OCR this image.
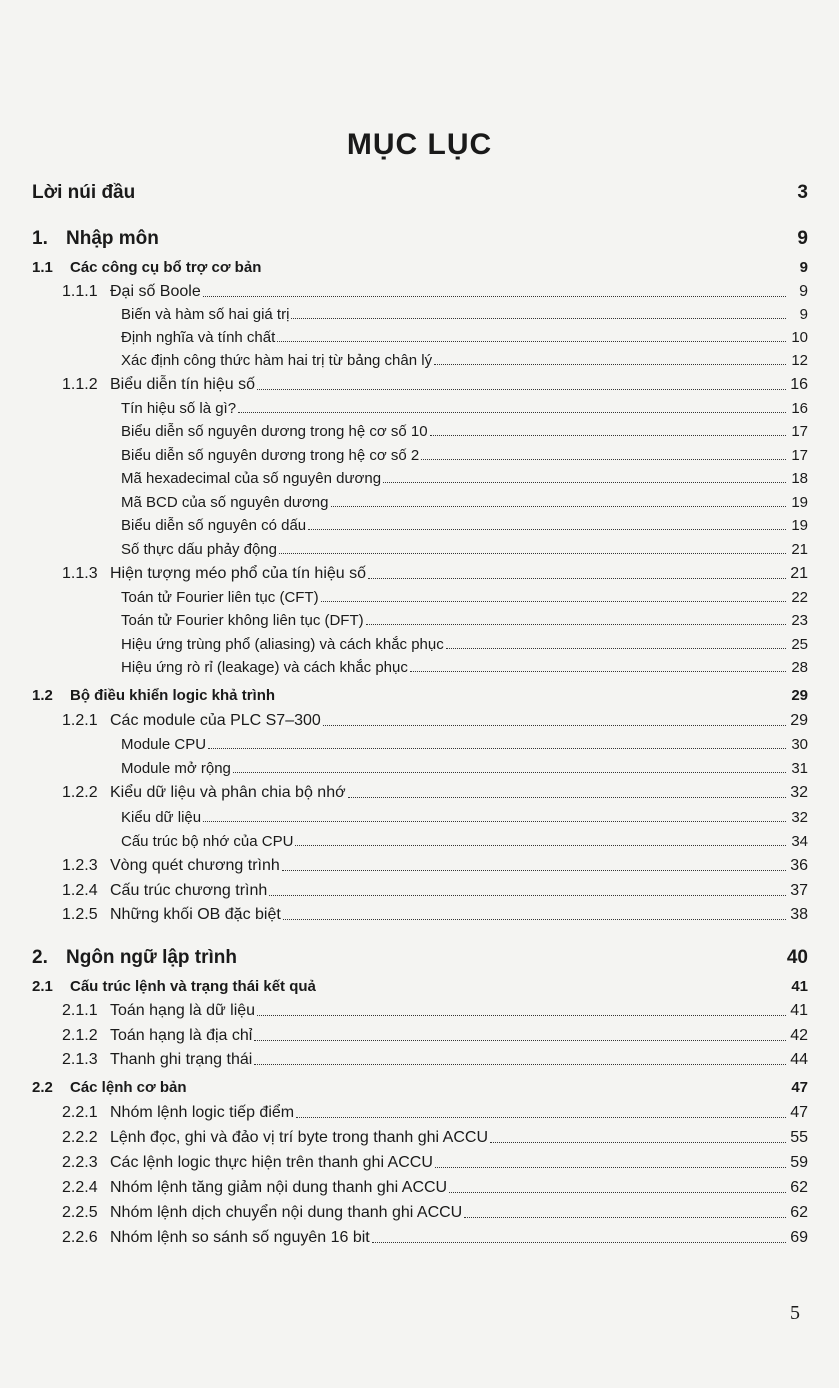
MỤC LỤC
Lời núi đầu	3
1. Nhập môn	9
1.1	Các công cụ bổ trợ cơ bản	9
1.1.1 Đại số Boole	9
Biến và hàm số hai giá trị	9
Định nghĩa và tính chất	10
Xác định công thức hàm hai trị từ bảng chân lý	12
1.1.2 Biểu diễn tín hiệu số	16
Tín hiệu số là gì?	16
Biểu diễn số nguyên dương trong hệ cơ số 10	17
Biểu diễn số nguyên dương trong hệ cơ số 2	17
Mã hexadecimal của số nguyên dương	18
Mã BCD của số nguyên dương	19
Biểu diễn số nguyên có dấu	19
Số thực dấu phảy động	21
1.1.3 Hiện tượng méo phổ của tín hiệu số	21
Toán tử Fourier liên tục (CFT)	22
Toán tử Fourier không liên tục (DFT)	23
Hiệu ứng trùng phổ (aliasing) và cách khắc phục	25
Hiệu ứng rò rỉ (leakage) và cách khắc phục	28
1.2	Bộ điều khiển logic khả trình	29
1.2.1 Các module của PLC S7–300	29
Module CPU	30
Module mở rộng	31
1.2.2 Kiểu dữ liệu và phân chia bộ nhớ	32
Kiểu dữ liệu	32
Cấu trúc bộ nhớ của CPU	34
1.2.3 Vòng quét chương trình	36
1.2.4 Cấu trúc chương trình	37
1.2.5 Những khối OB đặc biệt	38
2. Ngôn ngữ lập trình	40
2.1	Cấu trúc lệnh và trạng thái kết quả	41
2.1.1 Toán hạng là dữ liệu	41
2.1.2 Toán hạng là địa chỉ	42
2.1.3 Thanh ghi trạng thái	44
2.2	Các lệnh cơ bản	47
2.2.1 Nhóm lệnh logic tiếp điểm	47
2.2.2 Lệnh đọc, ghi và đảo vị trí byte trong thanh ghi ACCU	55
2.2.3 Các lệnh logic thực hiện trên thanh ghi ACCU	59
2.2.4 Nhóm lệnh tăng giảm nội dung thanh ghi ACCU	62
2.2.5 Nhóm lệnh dịch chuyển nội dung thanh ghi ACCU	62
2.2.6 Nhóm lệnh so sánh số nguyên 16 bit	69
5
